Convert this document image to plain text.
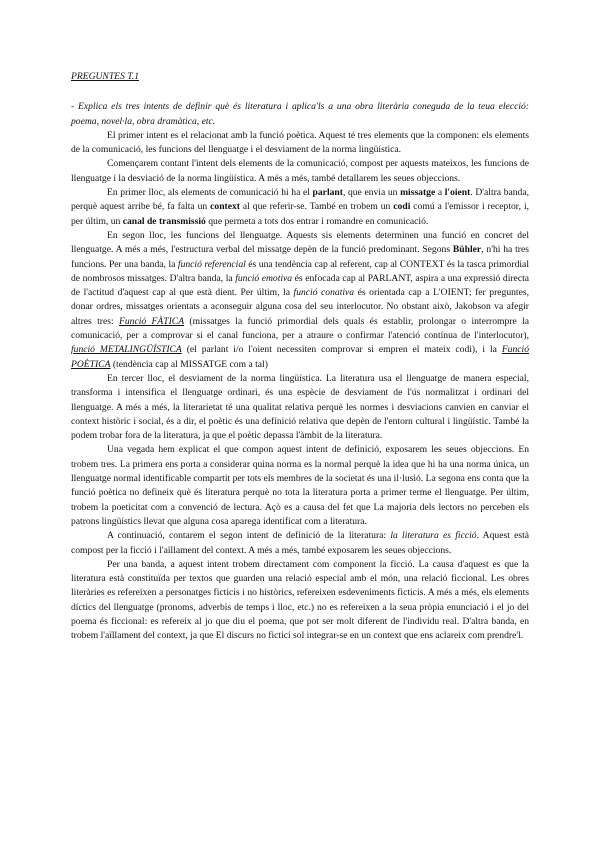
PREGUNTES T.1

- Explica els tres intents de definir què és literatura i aplica'ls a una obra literària coneguda de la teua elecció: poema, novel·la, obra dramàtica, etc.

El primer intent es el relacionat amb la funció poètica. Aquest té tres elements que la componen: els elements de la comunicació, les funcions del llenguatge i el desviament de la norma lingüística.

Començarem contant l'intent dels elements de la comunicació, compost per aquests mateixos, les funcions de llenguatge i la desviació de la norma lingüística. A més a més, també detallarem les seues objeccions.

En primer lloc, als elements de comunicació hi ha el parlant, que envia un missatge a l'oient. D'altra banda, perquè aquest arribe bé, fa falta un context al que referir-se. També en trobem un codi comú a l'emissor i receptor, i, per últim, un canal de transmissió que permeta a tots dos entrar i romandre en comunicació.

En segon lloc, les funcions del llenguatge. Aquests sis elements determinen una funció en concret del llenguatge. A més a més, l'estructura verbal del missatge depèn de la funció predominant. Segons Bühler, n'hi ha tres funcions. Per una banda, la funció referencial és una tendència cap al referent, cap al CONTEXT és la tasca primordial de nombrosos missatges. D'altra banda, la funció emotiva és enfocada cap al PARLANT, aspira a una expressió directa de l'actitud d'aquest cap al que està dient. Per últim, la funció conativa és orientada cap a L'OIENT; fer preguntes, donar ordres, missatges orientats a aconseguir alguna cosa del seu interlocutor. No obstant això, Jakobson va afegir altres tres: Funció FÀTICA (missatges la funció primordial dels quals és establir, prolongar o interrompre la comunicació, per a comprovar si el canal funciona, per a atraure o confirmar l'atenció contínua de l'interlocutor), funció METALINGÜÍSTICA (el parlant i/o l'oient necessiten comprovar si empren el mateix codi), i la Funció POÈTICA (tendència cap al MISSATGE com a tal)

En tercer lloc, el desviament de la norma lingüística. La literatura usa el llenguatge de manera especial, transforma i intensifica el llenguatge ordinari, és una espècie de desviament de l'ús normalitzat i ordinari del llenguatge. A més a més, la literarietat té una qualitat relativa perquè les normes i desviacions canvien en canviar el context històric i social, és a dir, el poètic és una definició relativa que depèn de l'entorn cultural i lingüístic. També la podem trobar fora de la literatura, ja que el poètic depassa l'àmbit de la literatura.

Una vegada hem explicat el que compon aquest intent de definició, exposarem les seues objeccions. En trobem tres. La primera ens porta a considerar quina norma es la normal perquè la idea que hi ha una norma única, un llenguatge normal identificable compartit per tots els membres de la societat és una il·lusió. La segona ens conta que la funció poètica no defineix què és literatura perquè no tota la literatura porta a primer terme el llenguatge. Per últim, trobem la poeticitat com a convenció de lectura. Açò es a causa del fet que La majoria dels lectors no perceben els patrons lingüístics llevat que alguna cosa aparega identificat com a literatura.

A continuació, contarem el segon intent de definició de la literatura: la literatura es ficció. Aquest està compost per la ficció i l'aïllament del context. A més a més, també exposarem les seues objeccions.

Per una banda, a aquest intent trobem directament com component la ficció. La causa d'aquest es que la literatura està constituïda per textos que guarden una relació especial amb el món, una relació ficcional. Les obres literàries es refereixen a personatges ficticis i no històrics, refereixen esdeveniments ficticis. A més a més, els elements díctics del llenguatge (pronoms, adverbis de temps i lloc, etc.) no es refereixen a la seua pròpia enunciació i el jo del poema és ficcional: es refereix al jo que diu el poema, que pot ser molt diferent de l'individu real. D'altra banda, en trobem l'aïllament del context, ja que El discurs no ficticí sol integrar-se en un context que ens aclareix com prendre'l.
